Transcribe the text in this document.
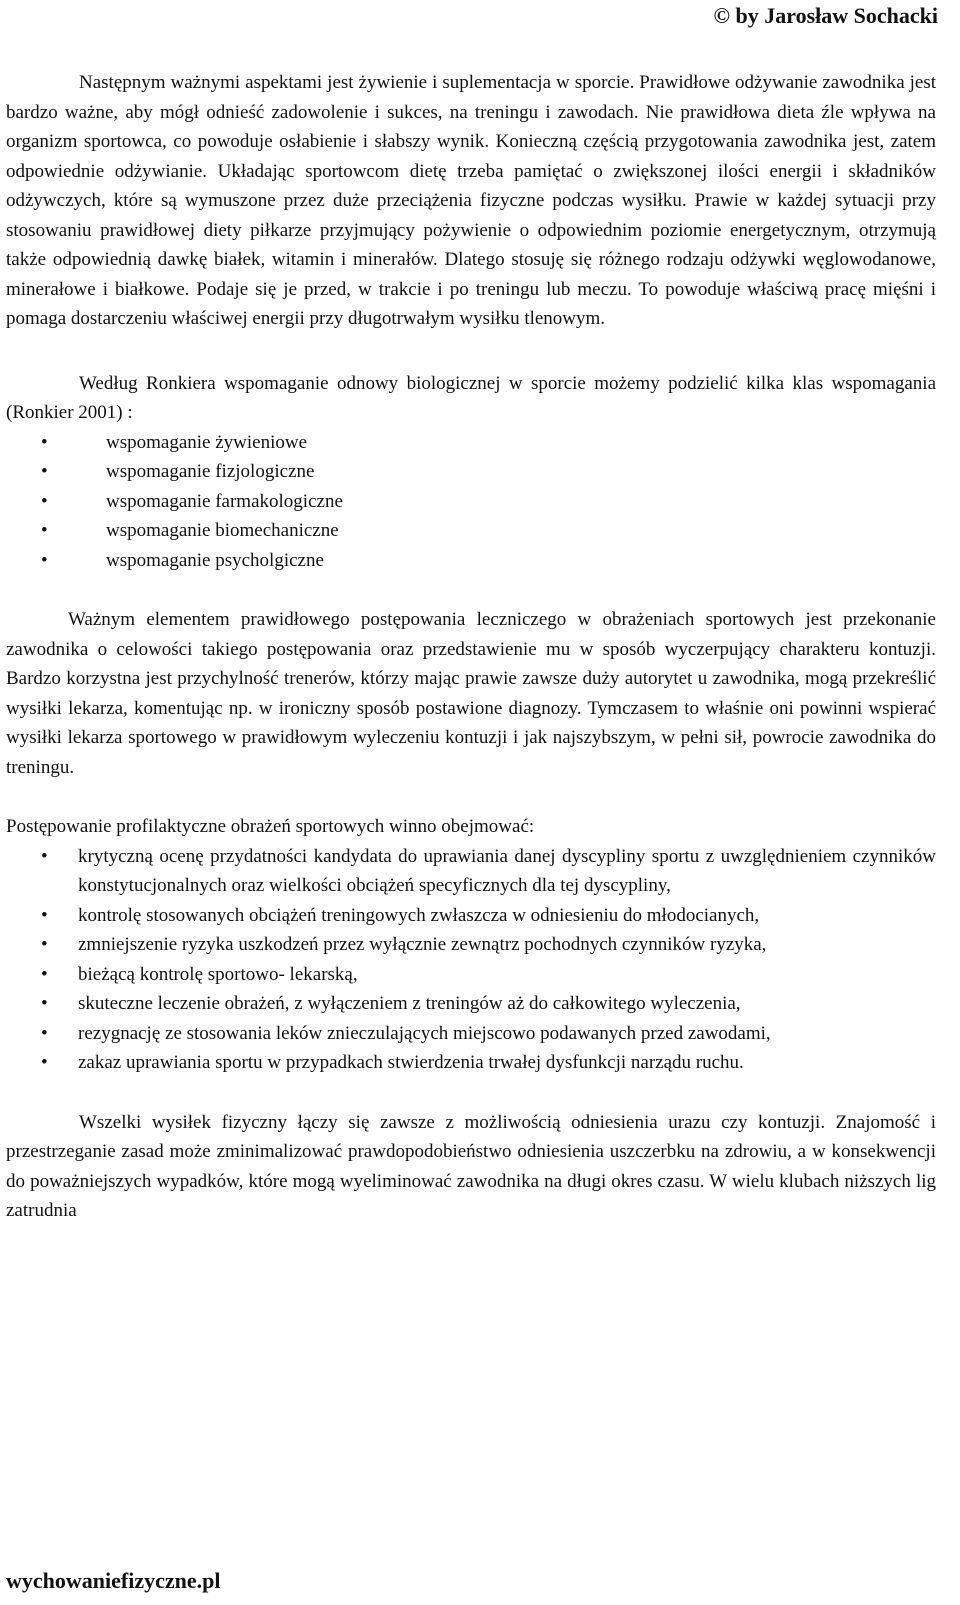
© by Jarosław Sochacki

Następnym ważnymi aspektami jest żywienie i suplementacja w sporcie. Prawidłowe odżywanie zawodnika jest bardzo ważne, aby mógł odnieść zadowolenie i sukces, na treningu i zawodach. Nie prawidłowa dieta źle wpływa na organizm sportowca, co powoduje osłabienie i słabszy wynik. Konieczną częścią przygotowania zawodnika jest, zatem odpowiednie odżywianie. Układając sportowcom dietę trzeba pamiętać o zwiększonej ilości energii i składników odżywczych, które są wymuszone przez duże przeciążenia fizyczne podczas wysiłku. Prawie w każdej sytuacji przy stosowaniu prawidłowej diety piłkarze przyjmujący pożywienie o odpowiednim poziomie energetycznym, otrzymują także odpowiednią dawkę białek, witamin i minerałów. Dlatego stosuję się różnego rodzaju odżywki węglowodanowe, minerałowe i białkowe. Podaje się je przed, w trakcie i po treningu lub meczu. To powoduje właściwą pracę mięśni i pomaga dostarczeniu właściwej energii przy długotrwałym wysiłku tlenowym.

Według Ronkiera wspomaganie odnowy biologicznej w sporcie możemy podzielić kilka klas wspomagania (Ronkier 2001) :

• wspomaganie żywieniowe
• wspomaganie fizjologiczne
• wspomaganie farmakologiczne
• wspomaganie biomechaniczne
• wspomaganie psycholgiczne

Ważnym elementem prawidłowego postępowania leczniczego w obrażeniach sportowych jest przekonanie zawodnika o celowości takiego postępowania oraz przedstawienie mu w sposób wyczerpujący charakteru kontuzji. Bardzo korzystna jest przychylność trenerów, którzy mając prawie zawsze duży autorytet u zawodnika, mogą przekreślić wysiłki lekarza, komentując np. w ironiczny sposób postawione diagnozy. Tymczasem to właśnie oni powinni wspierać wysiłki lekarza sportowego w prawidłowym wyleczeniu kontuzji i jak najszybszym, w pełni sił, powrocie zawodnika do treningu.

Postępowanie profilaktyczne obrażeń sportowych winno obejmować:

• krytyczną ocenę przydatności kandydata do uprawiania danej dyscypliny sportu z uwzględnieniem czynników konstytucjonalnych oraz wielkości obciążeń specyficznych dla tej dyscypliny,
• kontrolę stosowanych obciążeń treningowych zwłaszcza w odniesieniu do młodocianych,
• zmniejszenie ryzyka uszkodzeń przez wyłącznie zewnątrz pochodnych czynników ryzyka,
• bieżącą kontrolę sportowo- lekarską,
• skuteczne leczenie obrażeń, z wyłączeniem z treningów aż do całkowitego wyleczenia,
• rezygnację ze stosowania leków znieczulających miejscowo podawanych przed zawodami,
• zakaz uprawiania sportu w przypadkach stwierdzenia trwałej dysfunkcji narządu ruchu.

Wszelki wysiłek fizyczny łączy się zawsze z możliwością odniesienia urazu czy kontuzji. Znajomość i przestrzeganie zasad może zminimalizować prawdopodobieństwo odniesienia uszczerbku na zdrowiu, a w konsekwencji do poważniejszych wypadków, które mogą wyeliminować zawodnika na długi okres czasu. W wielu klubach niższych lig zatrudnia

wychowaniefizyczne.pl
